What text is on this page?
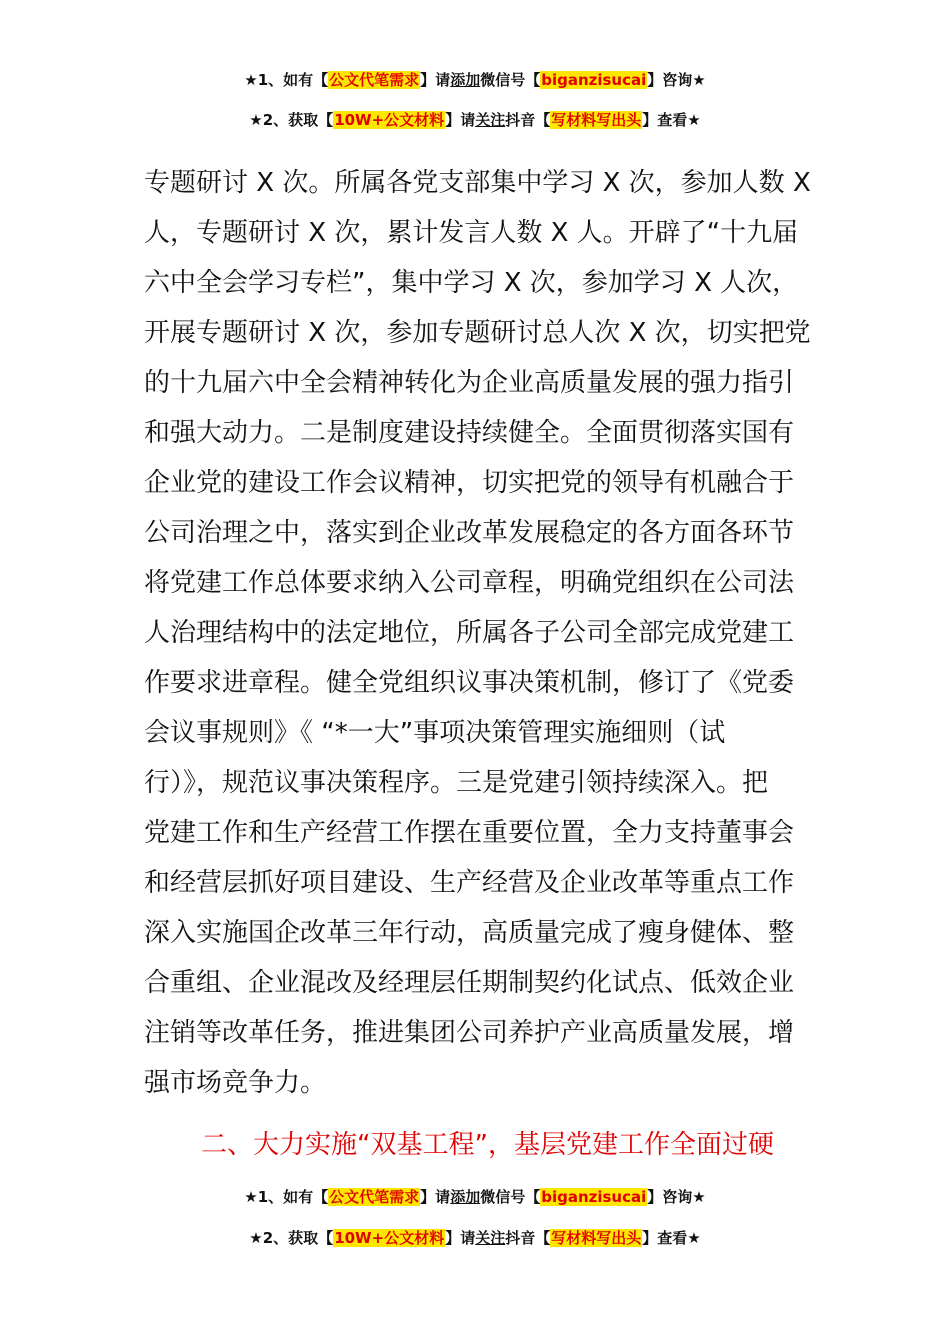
★1、如有【公文代笔需求】请添加微信号【biganzisucai】咨询★
★2、获取【10W+公文材料】请关注抖音【写材料写出头】查看★
专题研讨 X 次。所属各党支部集中学习 X 次，参加人数 X
人，专题研讨 X 次，累计发言人数 X 人。开辟了“十九届
六中全会学习专栏”，集中学习 X 次，参加学习 X 人次，
开展专题研讨 X 次，参加专题研讨总人次 X 次，切实把党
的十九届六中全会精神转化为企业高质量发展的强力指引
和强大动力。二是制度建设持续健全。全面贯彻落实国有
企业党的建设工作会议精神，切实把党的领导有机融合于
公司治理之中，落实到企业改革发展稳定的各方面各环节
将党建工作总体要求纳入公司章程，明确党组织在公司法
人治理结构中的法定地位，所属各子公司全部完成党建工
作要求进章程。健全党组织议事决策机制，修订了《党委
会议事规则》《 “*一大”事项决策管理实施细则（试
行）》，规范议事决策程序。三是党建引领持续深入。把
党建工作和生产经营工作摆在重要位置，全力支持董事会
和经营层抓好项目建设、生产经营及企业改革等重点工作
深入实施国企改革三年行动，高质量完成了瘦身健体、整
合重组、企业混改及经理层任期制契约化试点、低效企业
注销等改革任务，推进集团公司养护产业高质量发展，增
强市场竞争力。
二、大力实施“双基工程”，基层党建工作全面过硬
★1、如有【公文代笔需求】请添加微信号【biganzisucai】咨询★
★2、获取【10W+公文材料】请关注抖音【写材料写出头】查看★
